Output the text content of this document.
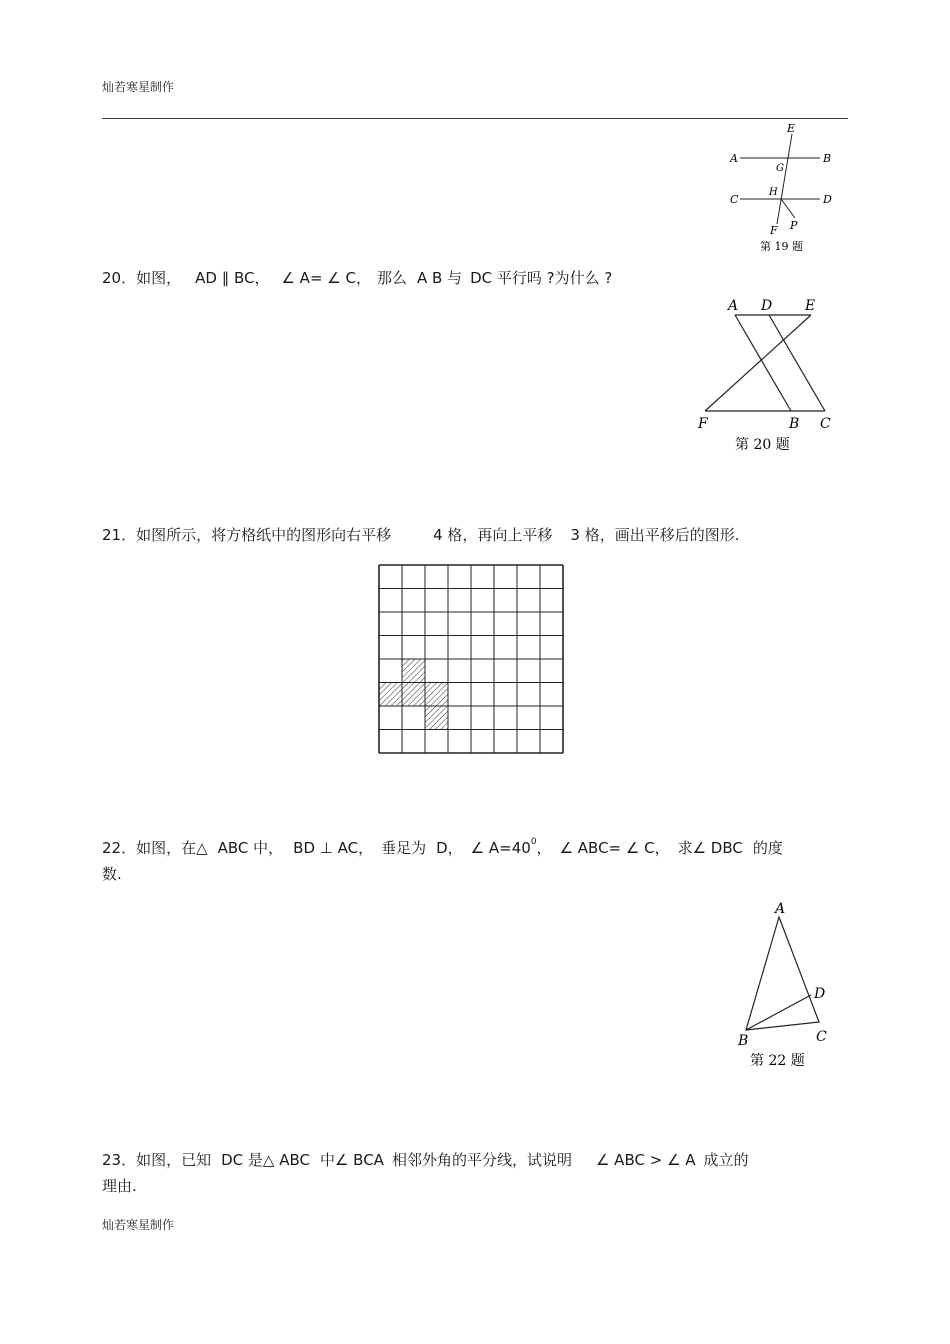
灿若寒星制作
E
A	B
G
C
H
D
F P
第 19 题
20．如图， AD ∥ BC， ∠ A= ∠ C， 那么 A B 与 DC 平行吗 ?为什么 ?
A D E
F	B C
第 20 题
21．如图所示，将方格纸中的图形向右平移	4 格，再向上平移 3 格，画出平移后的图形.
22．如图，在△ ABC 中， BD ⊥ AC， 垂足为 D， ∠ A=400， ∠ ABC= ∠ C， 求∠ DBC 的度
数.
A
D
B	C
第 22 题
23．如图，已知 DC 是△ ABC 中∠ BCA 相邻外角的平分线，试说明 ∠ ABC > ∠ A 成立的
理由.
灿若寒星制作
